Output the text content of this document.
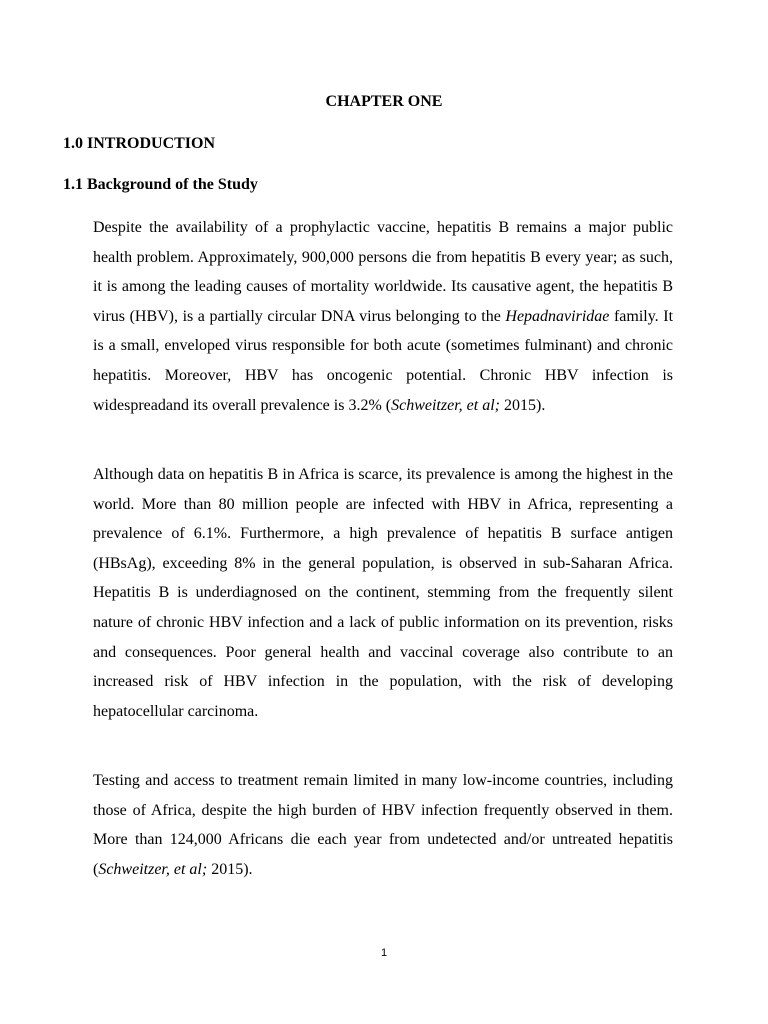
CHAPTER ONE
1.0 INTRODUCTION
1.1 Background of the Study

Despite the availability of a prophylactic vaccine, hepatitis B remains a major public health problem. Approximately, 900,000 persons die from hepatitis B every year; as such, it is among the leading causes of mortality worldwide. Its causative agent, the hepatitis B virus (HBV), is a partially circular DNA virus belonging to the Hepadnaviridae family. It is a small, enveloped virus responsible for both acute (sometimes fulminant) and chronic hepatitis. Moreover, HBV has oncogenic potential. Chronic HBV infection is widespreadand its overall prevalence is 3.2% (Schweitzer, et al; 2015).

Although data on hepatitis B in Africa is scarce, its prevalence is among the highest in the world. More than 80 million people are infected with HBV in Africa, representing a prevalence of 6.1%. Furthermore, a high prevalence of hepatitis B surface antigen (HBsAg), exceeding 8% in the general population, is observed in sub-Saharan Africa. Hepatitis B is underdiagnosed on the continent, stemming from the frequently silent nature of chronic HBV infection and a lack of public information on its prevention, risks and consequences. Poor general health and vaccinal coverage also contribute to an increased risk of HBV infection in the population, with the risk of developing hepatocellular carcinoma.

Testing and access to treatment remain limited in many low-income countries, including those of Africa, despite the high burden of HBV infection frequently observed in them. More than 124,000 Africans die each year from undetected and/or untreated hepatitis (Schweitzer, et al; 2015).

1
